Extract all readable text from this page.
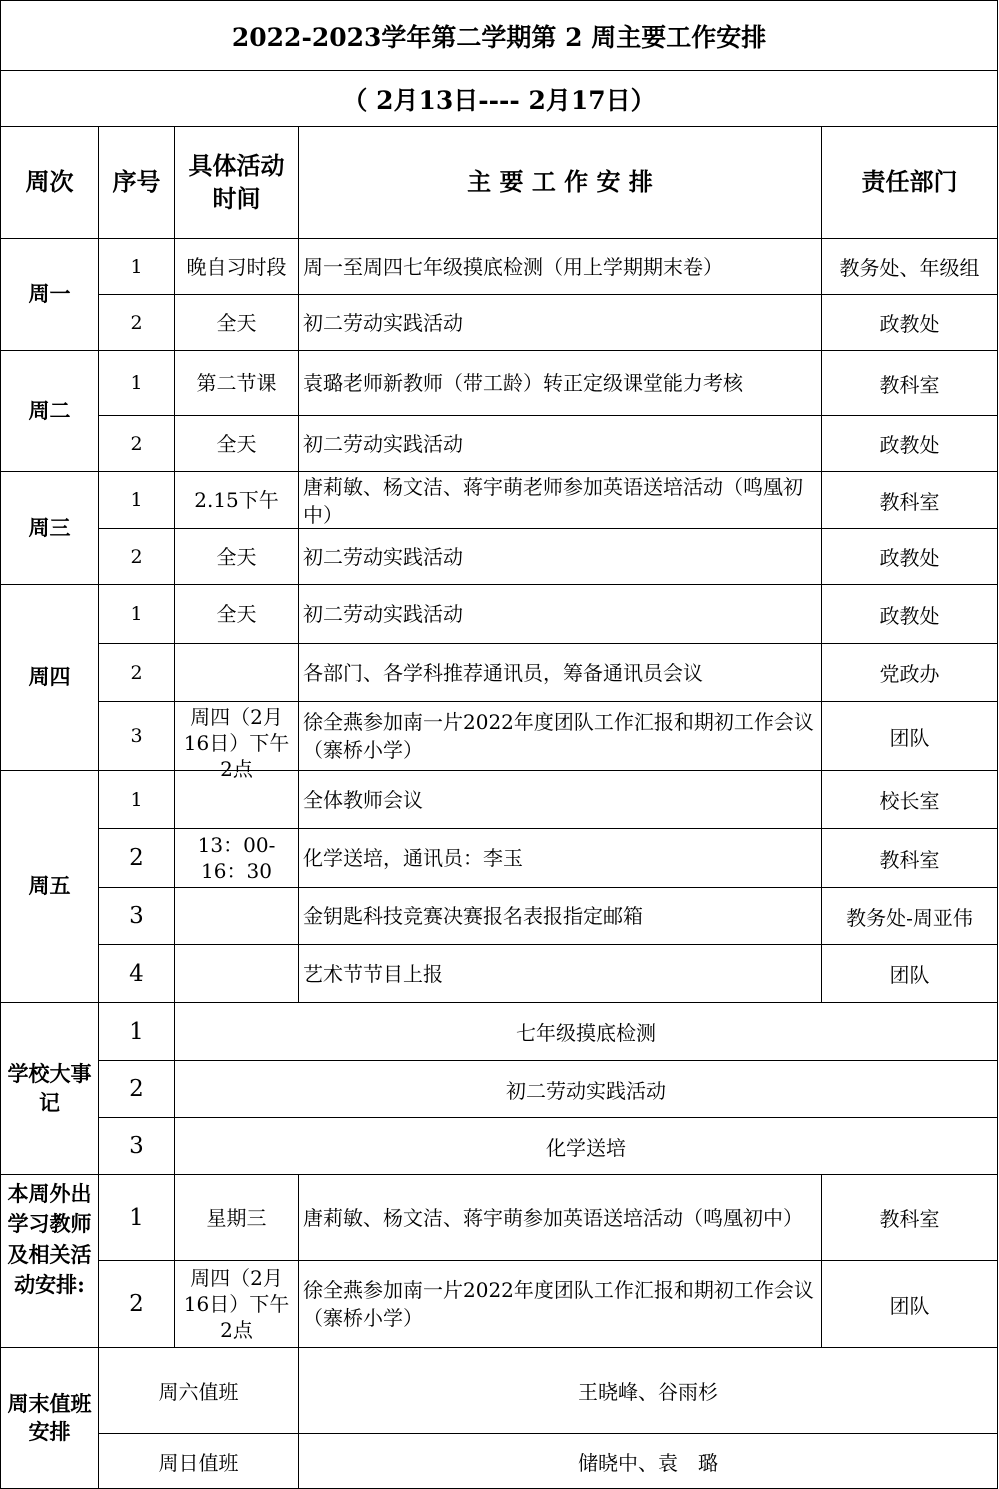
2022-2023学年第二学期第 2 周主要工作安排				
（ 2月13日---- 2月17日）				
周次	序号	具体活动时间	主 要 工 作 安 排	责任部门
周一	1	晚自习时段	周一至周四七年级摸底检测（用上学期期末卷）	教务处、年级组
	2	全天	初二劳动实践活动	政教处
周二	1	第二节课	袁璐老师新教师（带工龄）转正定级课堂能力考核	教科室
	2	全天	初二劳动实践活动	政教处
周三	1	2.15下午	唐莉敏、杨文洁、蒋宇萌老师参加英语送培活动（鸣凰初中）	教科室
	2	全天	初二劳动实践活动	政教处
周四	1	全天	初二劳动实践活动	政教处
	2		各部门、各学科推荐通讯员，筹备通讯员会议	党政办
	3	周四（2月16日）下午2点	徐全燕参加南一片2022年度团队工作汇报和期初工作会议（寨桥小学）	团队
周五	1		全体教师会议	校长室
	2	13：00-16：30	化学送培，通讯员：李玉	教科室
	3		金钥匙科技竞赛决赛报名表报指定邮箱	教务处-周亚伟
	4		艺术节节目上报	团队
学校大事记	1	七年级摸底检测		
	2	初二劳动实践活动		
	3	化学送培		

本周外出学习教师及相关活动安排:	1	星期三	唐莉敏、杨文洁、蒋宇萌参加英语送培活动（鸣凰初中）	教科室
	2	周四（2月16日）下午2点	徐全燕参加南一片2022年度团队工作汇报和期初工作会议（寨桥小学）	团队
周末值班安排	周六值班		王晓峰、谷雨杉	
	周日值班		储晓中、袁　璐	
